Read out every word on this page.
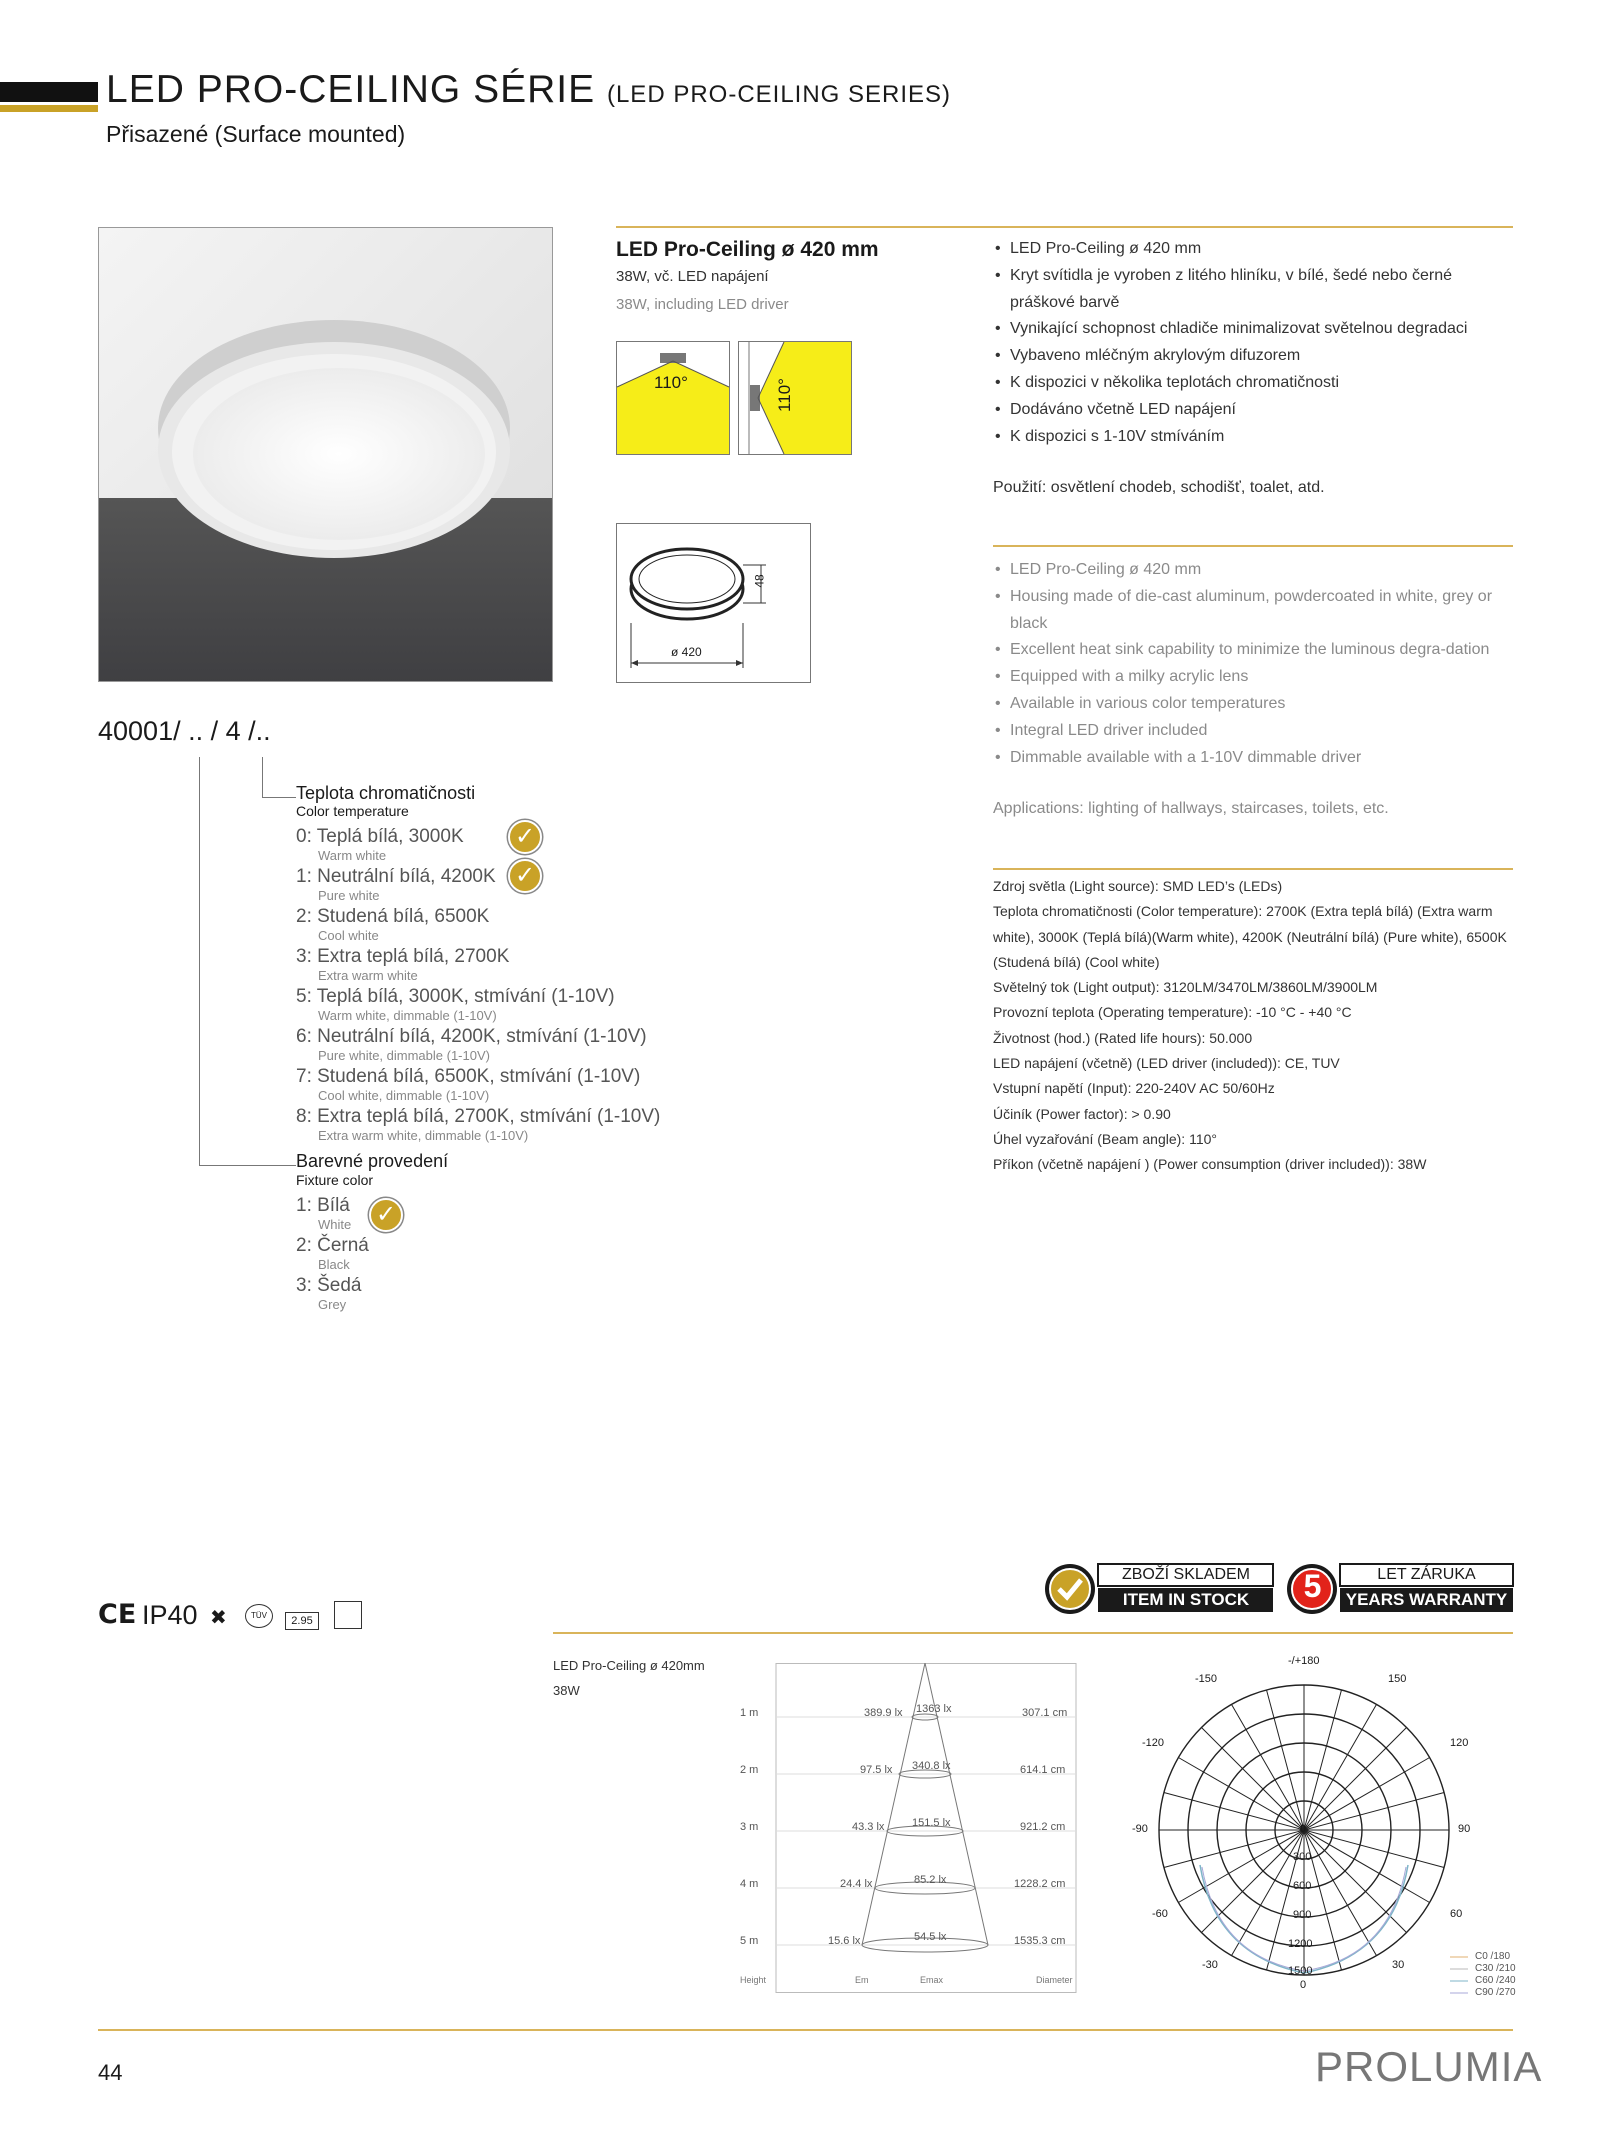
LED PRO-CEILING SÉRIE (LED PRO-CEILING SERIES)
Přisazené (Surface mounted)
LED Pro-Ceiling ø 420 mm
38W, vč. LED napájení
38W, including LED driver
110°	110°
48
ø 420
• LED Pro-Ceiling ø 420 mm
• Kryt svítidla je vyroben z litého hliníku, v bílé, šedé nebo černé práškové barvě
• Vynikající schopnost chladiče minimalizovat světelnou degradaci
• Vybaveno mléčným akrylovým difuzorem
• K dispozici v několika teplotách chromatičnosti
• Dodáváno včetně LED napájení
• K dispozici s 1-10V stmíváním
Použití: osvětlení chodeb, schodišť, toalet, atd.
• LED Pro-Ceiling ø 420 mm
• Housing made of die-cast aluminum, powdercoated in white, grey or black
• Excellent heat sink capability to minimize the luminous degra-dation
• Equipped with a milky acrylic lens
• Available in various color temperatures
• Integral LED driver included
• Dimmable available with a 1-10V dimmable driver
Applications: lighting of hallways, staircases, toilets, etc.
Zdroj světla (Light source): SMD LED’s (LEDs)
Teplota chromatičnosti (Color temperature): 2700K (Extra teplá bílá) (Extra warm white), 3000K (Teplá bílá)(Warm white), 4200K (Neutrální bílá) (Pure white), 6500K (Studená bílá) (Cool white)
Světelný tok (Light output): 3120LM/3470LM/3860LM/3900LM
Provozní teplota (Operating temperature): -10 °C - +40 °C
Životnost (hod.) (Rated life hours): 50.000
LED napájení (včetně) (LED driver (included)): CE, TUV
Vstupní napětí (Input): 220-240V AC 50/60Hz
Účiník (Power factor): > 0.90
Úhel vyzařování (Beam angle): 110°
Příkon (včetně napájení ) (Power consumption (driver included)): 38W
40001/ .. / 4 /..
Teplota chromatičnosti
Color temperature
0: Teplá bílá, 3000K
Warm white
1: Neutrální bílá, 4200K
Pure white
2: Studená bílá, 6500K
Cool white
3: Extra teplá bílá, 2700K
Extra warm white
5: Teplá bílá, 3000K, stmívání (1-10V)
Warm white, dimmable (1-10V)
6: Neutrální bílá, 4200K, stmívání (1-10V)
Pure white, dimmable (1-10V)
7: Studená bílá, 6500K, stmívání (1-10V)
Cool white, dimmable (1-10V)
8: Extra teplá bílá, 2700K, stmívání (1-10V)
Extra warm white, dimmable (1-10V)
✓
✓
Barevné provedení
Fixture color
1: Bílá
White
2: Černá
Black
3: Šedá
Grey
✓
CE IP40 ✖	TÜV	2.95
ZBOŽÍ SKLADEM
ITEM IN STOCK	5	LET ZÁRUKA
YEARS WARRANTY
LED Pro-Ceiling ø 420mm
38W
1 m	389.9 lx 1363 lx	307.1 cm
2 m	97.5 lx 340.8 lx	614.1 cm
3 m	43.3 lx	151.5 lx	921.2 cm
4 m	24.4 lx	85.2 lx	1228.2 cm
5 m	15.6 lx	54.5 lx	1535.3 cm
Height	Em	Emax	Diameter
-/+180
-150	150
-120	120
-90	90
-60	60
-30	30
0
0
300
600
900
1200
1500
C0 /180
C30 /210
C60 /240
C90 /270
44	PROLUMIA
